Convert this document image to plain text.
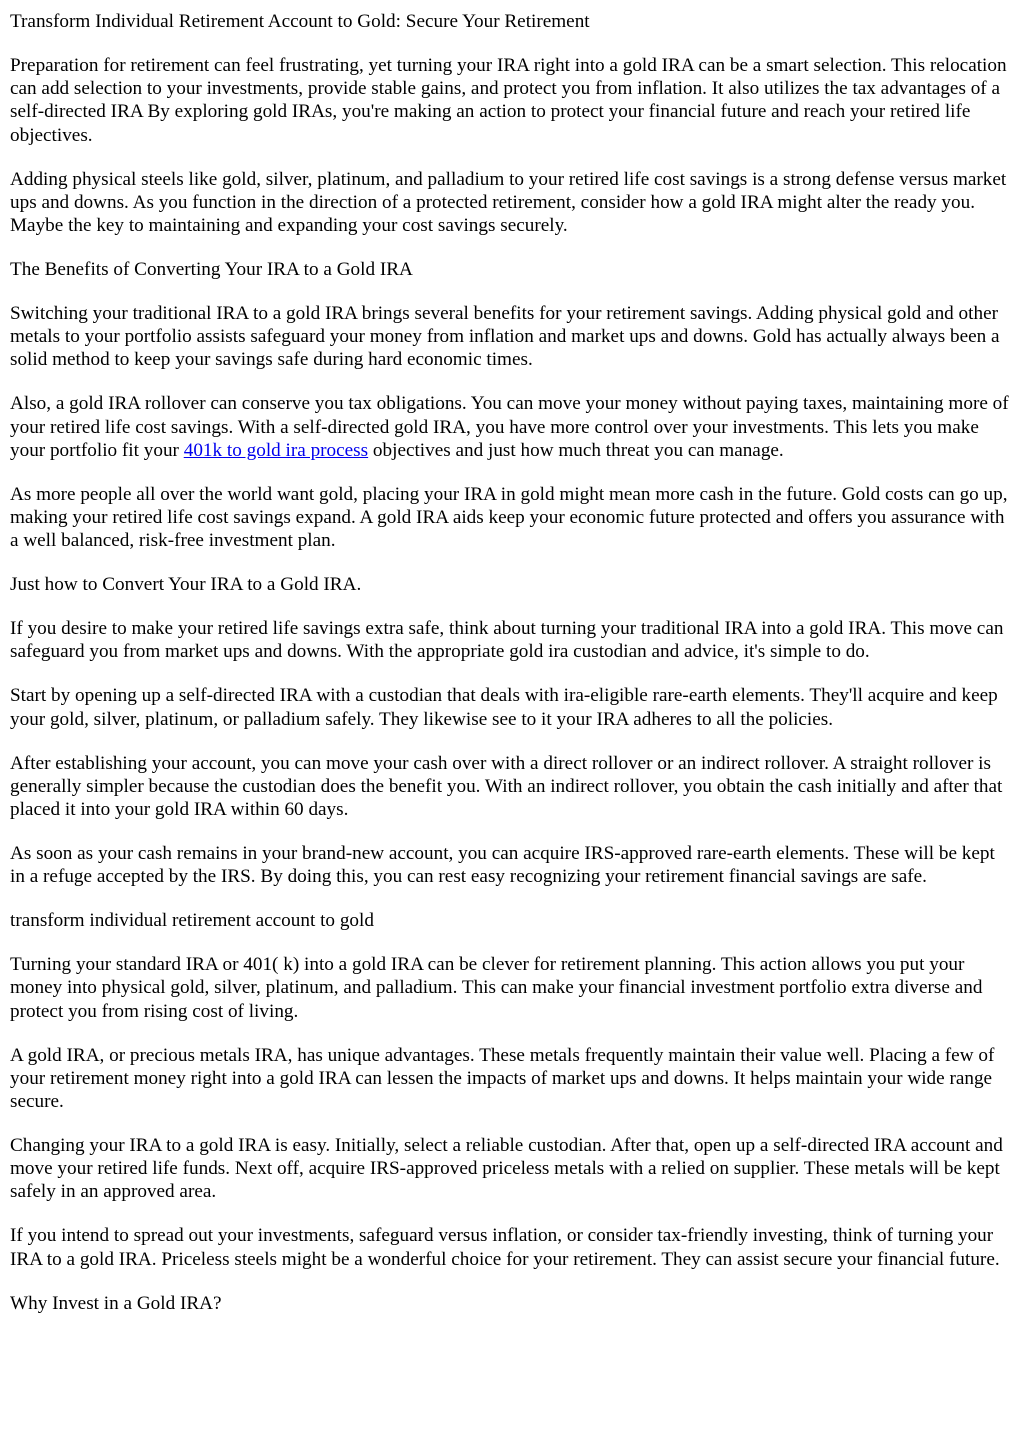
Transform Individual Retirement Account to Gold: Secure Your Retirement
Preparation for retirement can feel frustrating, yet turning your IRA right into a gold IRA can be a smart selection. This relocation can add selection to your investments, provide stable gains, and protect you from inflation. It also utilizes the tax advantages of a self-directed IRA By exploring gold IRAs, you're making an action to protect your financial future and reach your retired life objectives.
Adding physical steels like gold, silver, platinum, and palladium to your retired life cost savings is a strong defense versus market ups and downs. As you function in the direction of a protected retirement, consider how a gold IRA might alter the ready you. Maybe the key to maintaining and expanding your cost savings securely.
The Benefits of Converting Your IRA to a Gold IRA
Switching your traditional IRA to a gold IRA brings several benefits for your retirement savings. Adding physical gold and other metals to your portfolio assists safeguard your money from inflation and market ups and downs. Gold has actually always been a solid method to keep your savings safe during hard economic times.
Also, a gold IRA rollover can conserve you tax obligations. You can move your money without paying taxes, maintaining more of your retired life cost savings. With a self-directed gold IRA, you have more control over your investments. This lets you make your portfolio fit your 401k to gold ira process objectives and just how much threat you can manage.
As more people all over the world want gold, placing your IRA in gold might mean more cash in the future. Gold costs can go up, making your retired life cost savings expand. A gold IRA aids keep your economic future protected and offers you assurance with a well balanced, risk-free investment plan.
Just how to Convert Your IRA to a Gold IRA.
If you desire to make your retired life savings extra safe, think about turning your traditional IRA into a gold IRA. This move can safeguard you from market ups and downs. With the appropriate gold ira custodian and advice, it's simple to do.
Start by opening up a self-directed IRA with a custodian that deals with ira-eligible rare-earth elements. They'll acquire and keep your gold, silver, platinum, or palladium safely. They likewise see to it your IRA adheres to all the policies.
After establishing your account, you can move your cash over with a direct rollover or an indirect rollover. A straight rollover is generally simpler because the custodian does the benefit you. With an indirect rollover, you obtain the cash initially and after that placed it into your gold IRA within 60 days.
As soon as your cash remains in your brand-new account, you can acquire IRS-approved rare-earth elements. These will be kept in a refuge accepted by the IRS. By doing this, you can rest easy recognizing your retirement financial savings are safe.
transform individual retirement account to gold
Turning your standard IRA or 401( k) into a gold IRA can be clever for retirement planning. This action allows you put your money into physical gold, silver, platinum, and palladium. This can make your financial investment portfolio extra diverse and protect you from rising cost of living.
A gold IRA, or precious metals IRA, has unique advantages. These metals frequently maintain their value well. Placing a few of your retirement money right into a gold IRA can lessen the impacts of market ups and downs. It helps maintain your wide range secure.
Changing your IRA to a gold IRA is easy. Initially, select a reliable custodian. After that, open up a self-directed IRA account and move your retired life funds. Next off, acquire IRS-approved priceless metals with a relied on supplier. These metals will be kept safely in an approved area.
If you intend to spread out your investments, safeguard versus inflation, or consider tax-friendly investing, think of turning your IRA to a gold IRA. Priceless steels might be a wonderful choice for your retirement. They can assist secure your financial future.
Why Invest in a Gold IRA?
